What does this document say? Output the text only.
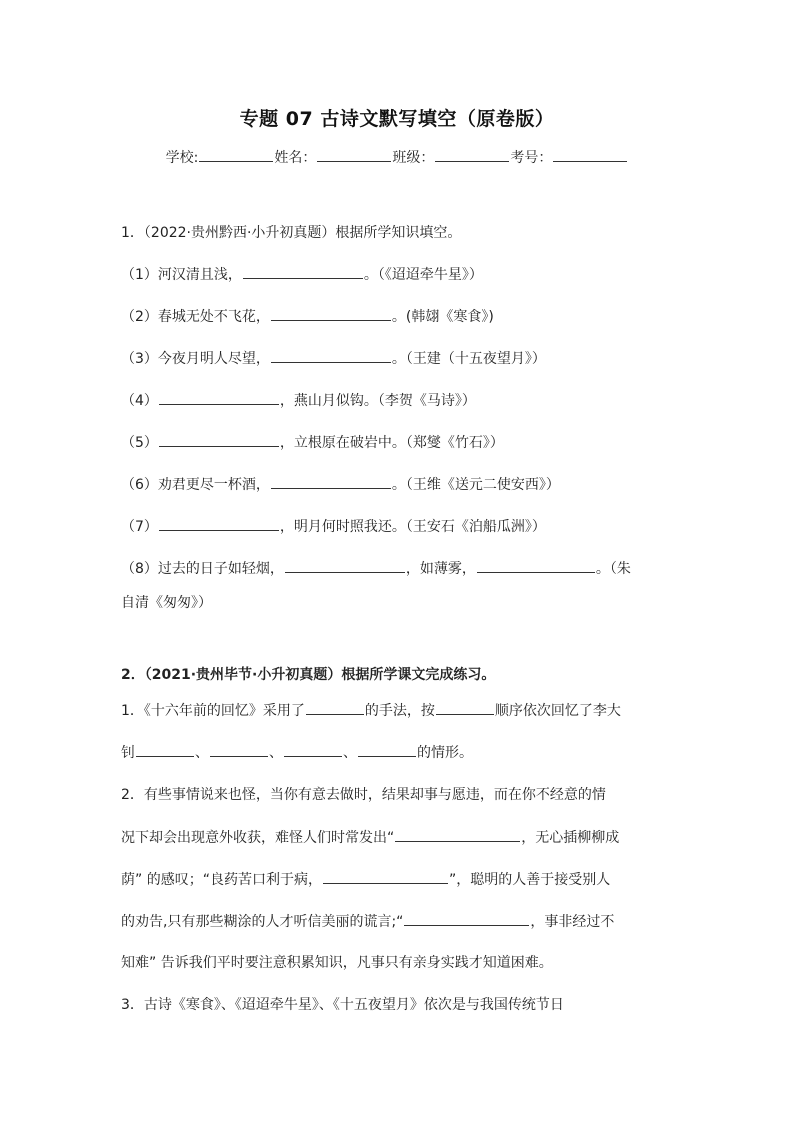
专题 07 古诗文默写填空（原卷版）
学校:	姓名：	班级：	考号：
1．（2022·贵州黔西·小升初真题）根据所学知识填空。
（1）河汉清且浅，	。（《迢迢牵牛星》）
（2）春城无处不飞花，	。(韩翃《寒食》)
（3）今夜月明人尽望，	。（王建（十五夜望月》）
（4）	，燕山月似钩。（李贺《马诗》）
（5）	，立根原在破岩中。（郑燮《竹石》）
（6）劝君更尽一杯酒，	。（王维《送元二使安西》）
（7）	，明月何时照我还。（王安石《泊船瓜洲》）
（8）过去的日子如轻烟，	，如薄雾，	。（朱
自清《匆匆》）
2．（2021·贵州毕节·小升初真题）根据所学课文完成练习。
1．《十六年前的回忆》采用了	的手法，按	顺序依次回忆了李大
钊	、	、	、	的情形。
2．有些事情说来也怪，当你有意去做时，结果却事与愿违，而在你不经意的情
况下却会出现意外收获，难怪人们时常发出“	，无心插柳柳成
荫” 的感叹；“良药苦口利于病，	”，聪明的人善于接受别人
的劝告,只有那些糊涂的人才听信美丽的谎言;“	，事非经过不
知难” 告诉我们平时要注意积累知识，凡事只有亲身实践才知道困难。
3．古诗《寒食》、《迢迢牵牛星》、《十五夜望月》依次是与我国传统节日
